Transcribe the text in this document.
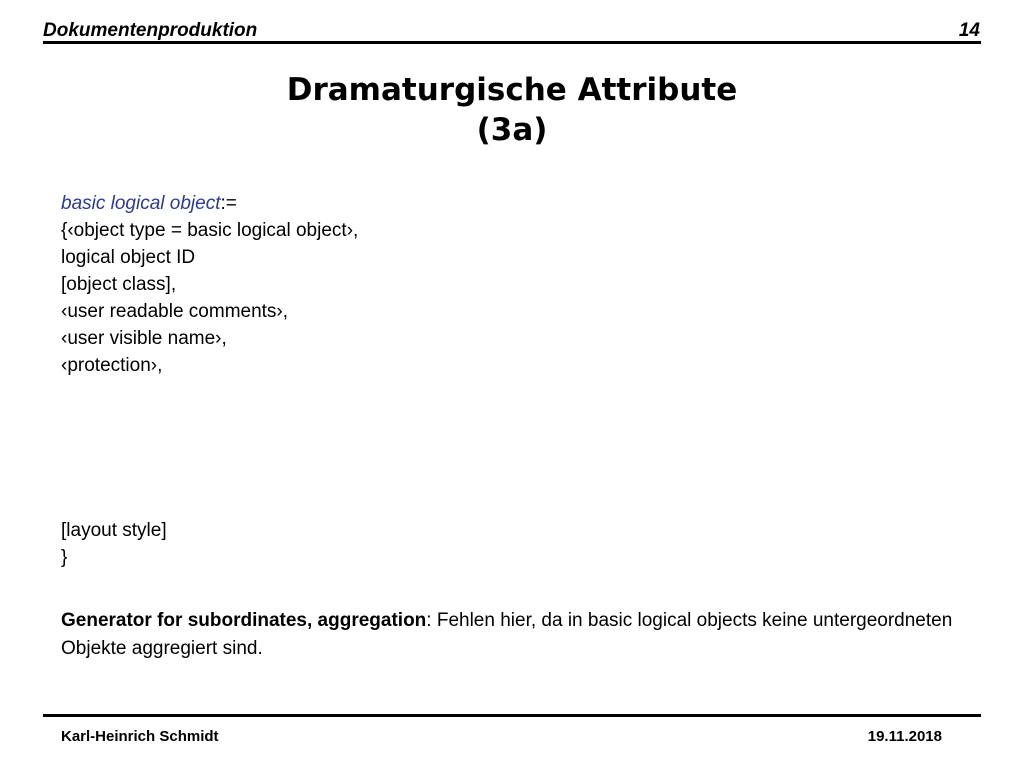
Dokumentenproduktion	14
Dramaturgische Attribute
(3a)
basic logical object:=
{‹object type = basic logical object›,
logical object ID
[object class],
‹user readable comments›,
‹user visible name›,
‹protection›,
[layout style]
}
Generator for subordinates, aggregation: Fehlen hier, da in basic logical objects keine untergeordneten Objekte aggregiert sind.
Karl-Heinrich Schmidt	19.11.2018
